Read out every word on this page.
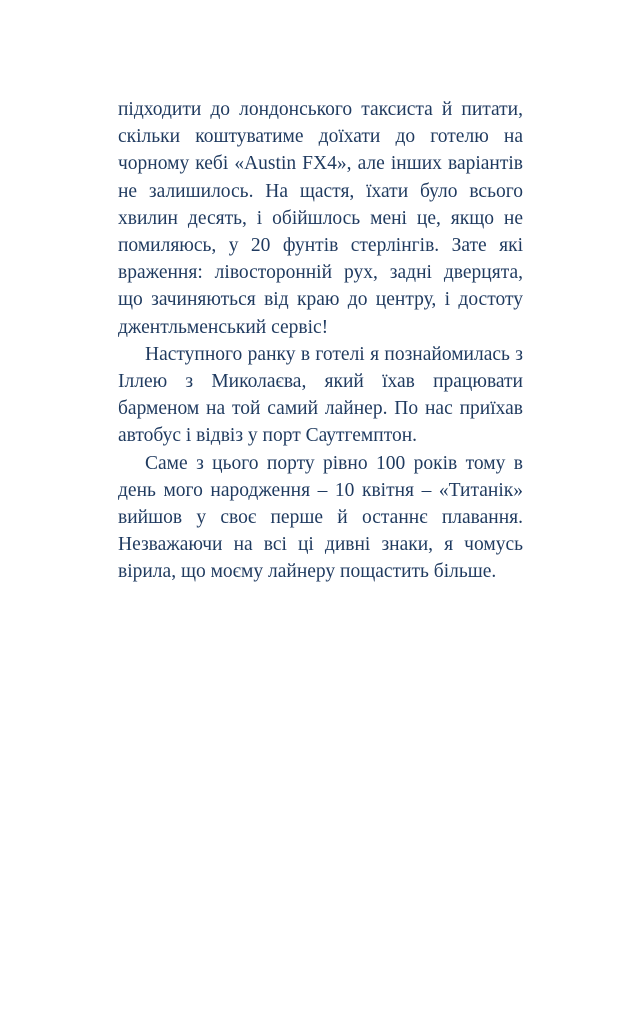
підходити до лондонського таксиста й питати, скільки коштуватиме доїхати до готелю на чорному кебі «Austin FX4», але інших варіантів не залишилось. На щастя, їхати було всього хвилин десять, і обійшлось мені це, якщо не помиляюсь, у 20 фунтів стерлінгів. Зате які враження: лівосторонній рух, задні дверцята, що зачиняються від краю до центру, і достоту джентльменський сервіс!

Наступного ранку в готелі я познайомилась з Іллею з Миколаєва, який їхав працювати барменом на той самий лайнер. По нас приїхав автобус і відвіз у порт Саутгемптон.

Саме з цього порту рівно 100 років тому в день мого народження – 10 квітня – «Титанік» вийшов у своє перше й останнє плавання. Незважаючи на всі ці дивні знаки, я чомусь вірила, що моєму лайнеру пощастить більше.
